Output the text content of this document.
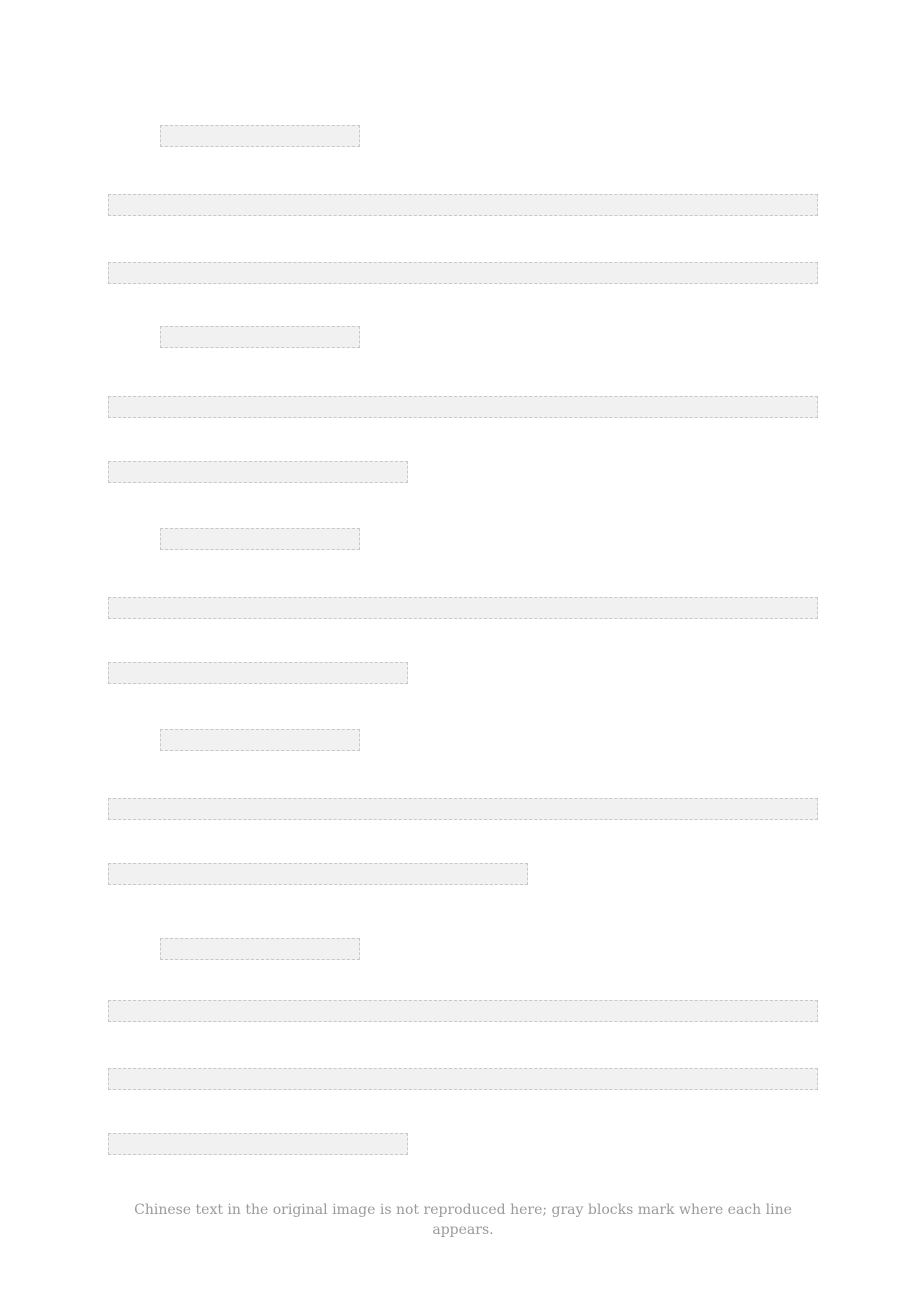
Chinese text in the original image is not reproduced here; gray blocks mark where each line appears.
